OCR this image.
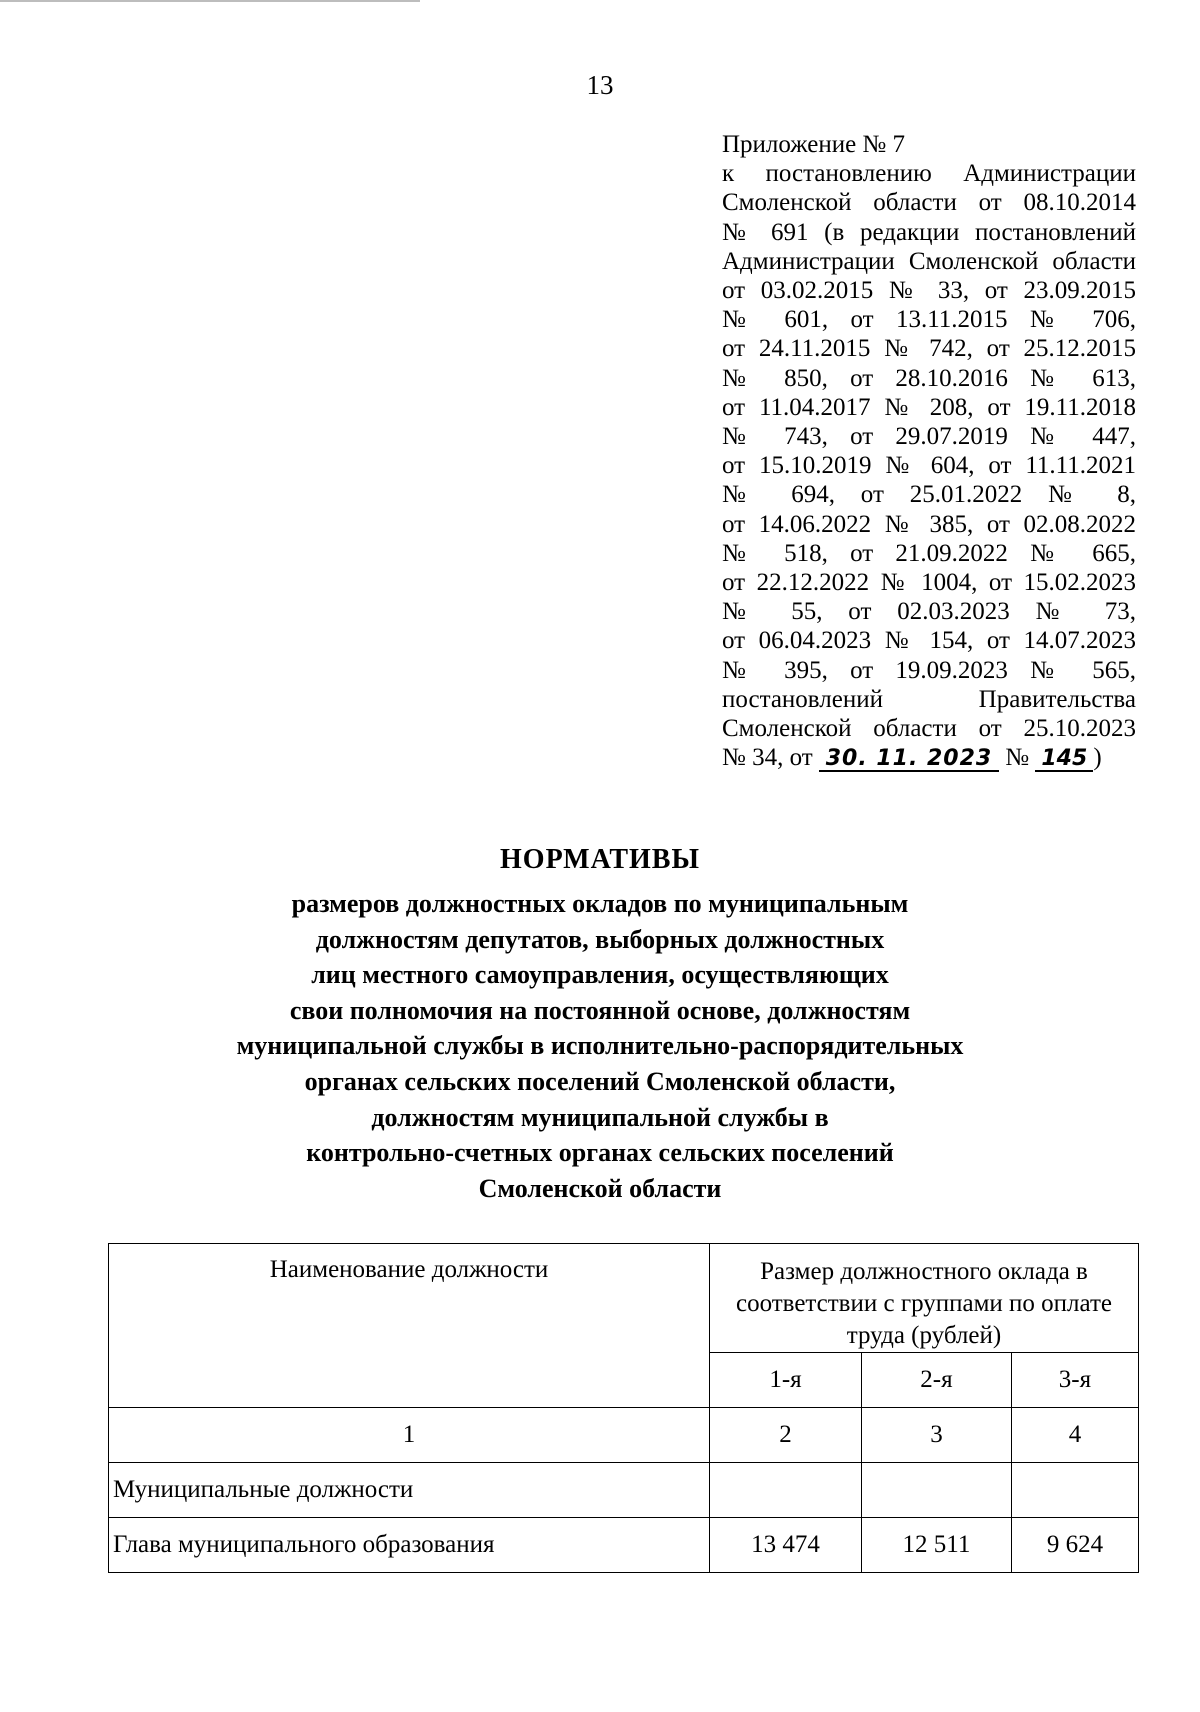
13
Приложение № 7
к постановлению Администрации
Смоленской области от 08.10.2014
№ 691 (в редакции постановлений
Администрации Смоленской области
от 03.02.2015 № 33, от 23.09.2015
№ 601, от 13.11.2015 № 706,
от 24.11.2015 № 742, от 25.12.2015
№ 850, от 28.10.2016 № 613,
от 11.04.2017 № 208, от 19.11.2018
№ 743, от 29.07.2019 № 447,
от 15.10.2019 № 604, от 11.11.2021
№ 694, от 25.01.2022 № 8,
от 14.06.2022 № 385, от 02.08.2022
№ 518, от 21.09.2022 № 665,
от 22.12.2022 № 1004, от 15.02.2023
№ 55, от 02.03.2023 № 73,
от 06.04.2023 № 154, от 14.07.2023
№ 395, от 19.09.2023 № 565,
постановлений Правительства
Смоленской области от 25.10.2023
№ 34, от 30. 11. 2023 № 145 )
НОРМАТИВЫ
размеров должностных окладов по муниципальным
должностям депутатов, выборных должностных
лиц местного самоуправления, осуществляющих
свои полномочия на постоянной основе, должностям
муниципальной службы в исполнительно-распорядительных
органах сельских поселений Смоленской области,
должностям муниципальной службы в
контрольно-счетных органах сельских поселений
Смоленской области
Наименование должности	Размер должностного оклада в соответствии с группами по оплате труда (рублей)		
	1-я	2-я	3-я
1	2	3	4
Муниципальные должности			
Глава муниципального образования	13 474	12 511	9 624
